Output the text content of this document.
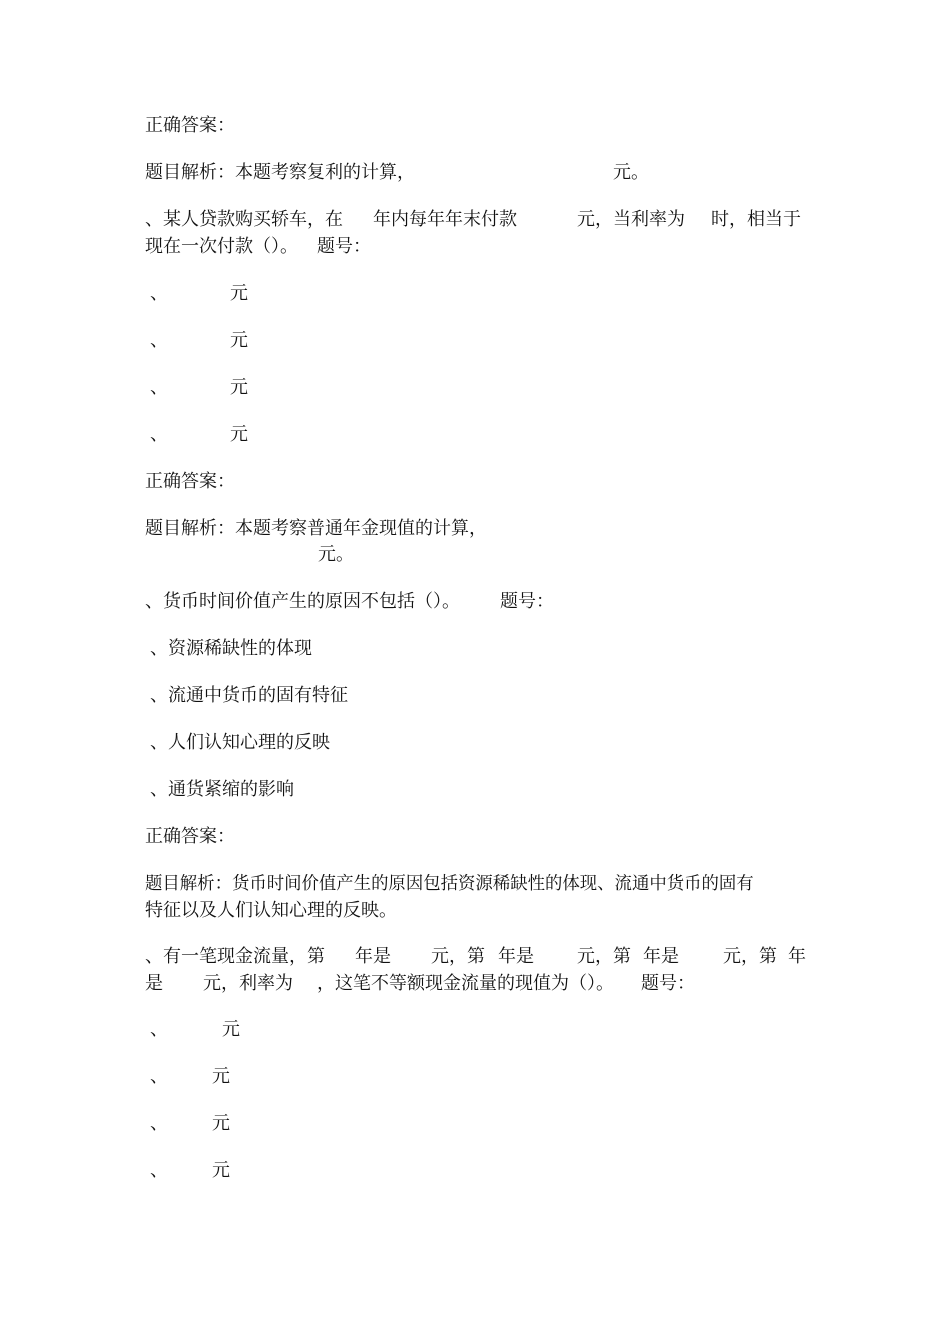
正确答案：
题目解析：本题考察复利的计算，	元。
、某人贷款购买轿车，在 年内每年年末付款	元，当利率为 时，相当于
现在一次付款（）。 题号：
、	元
、	元
、	元
、	元
正确答案：
题目解析：本题考察普通年金现值的计算，
元。
、货币时间价值产生的原因不包括（）。 题号：
、资源稀缺性的体现
、流通中货币的固有特征
、人们认知心理的反映
、通货紧缩的影响
正确答案：
题目解析：货币时间价值产生的原因包括资源稀缺性的体现、流通中货币的固有
特征以及人们认知心理的反映。
、有一笔现金流量，第 年是 元，第 年是 元，第 年是 元，第 年
是 元，利率为 ，这笔不等额现金流量的现值为（）。 题号：
、	元
、 元
、 元
、 元
